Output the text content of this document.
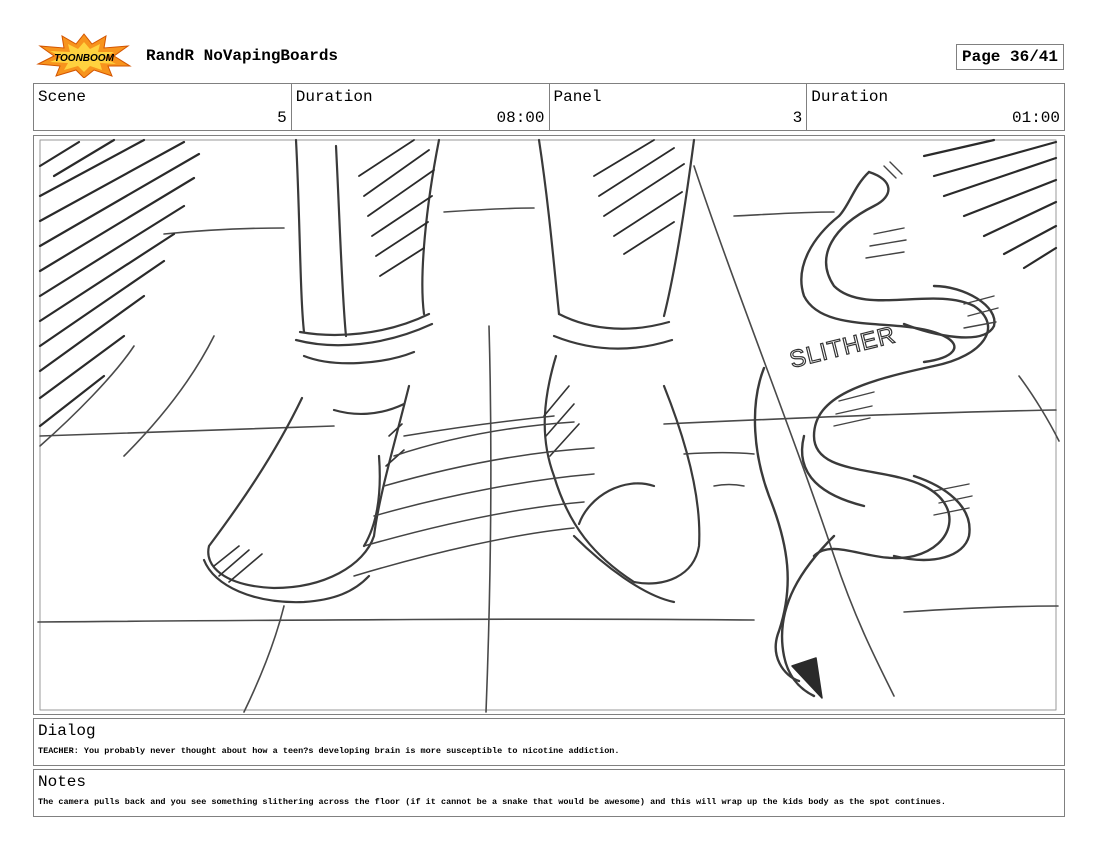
TOONBOOM RandR NoVapingBoards	Page 36/41
Scene
5
Duration
08:00
Panel
3
Duration
01:00
SLITHER
Dialog
TEACHER: You probably never thought about how a teen?s developing brain is more susceptible to nicotine addiction.
Notes
The camera pulls back and you see something slithering across the floor (if it cannot be a snake that would be awesome) and this will wrap up the kids body as the spot continues.
